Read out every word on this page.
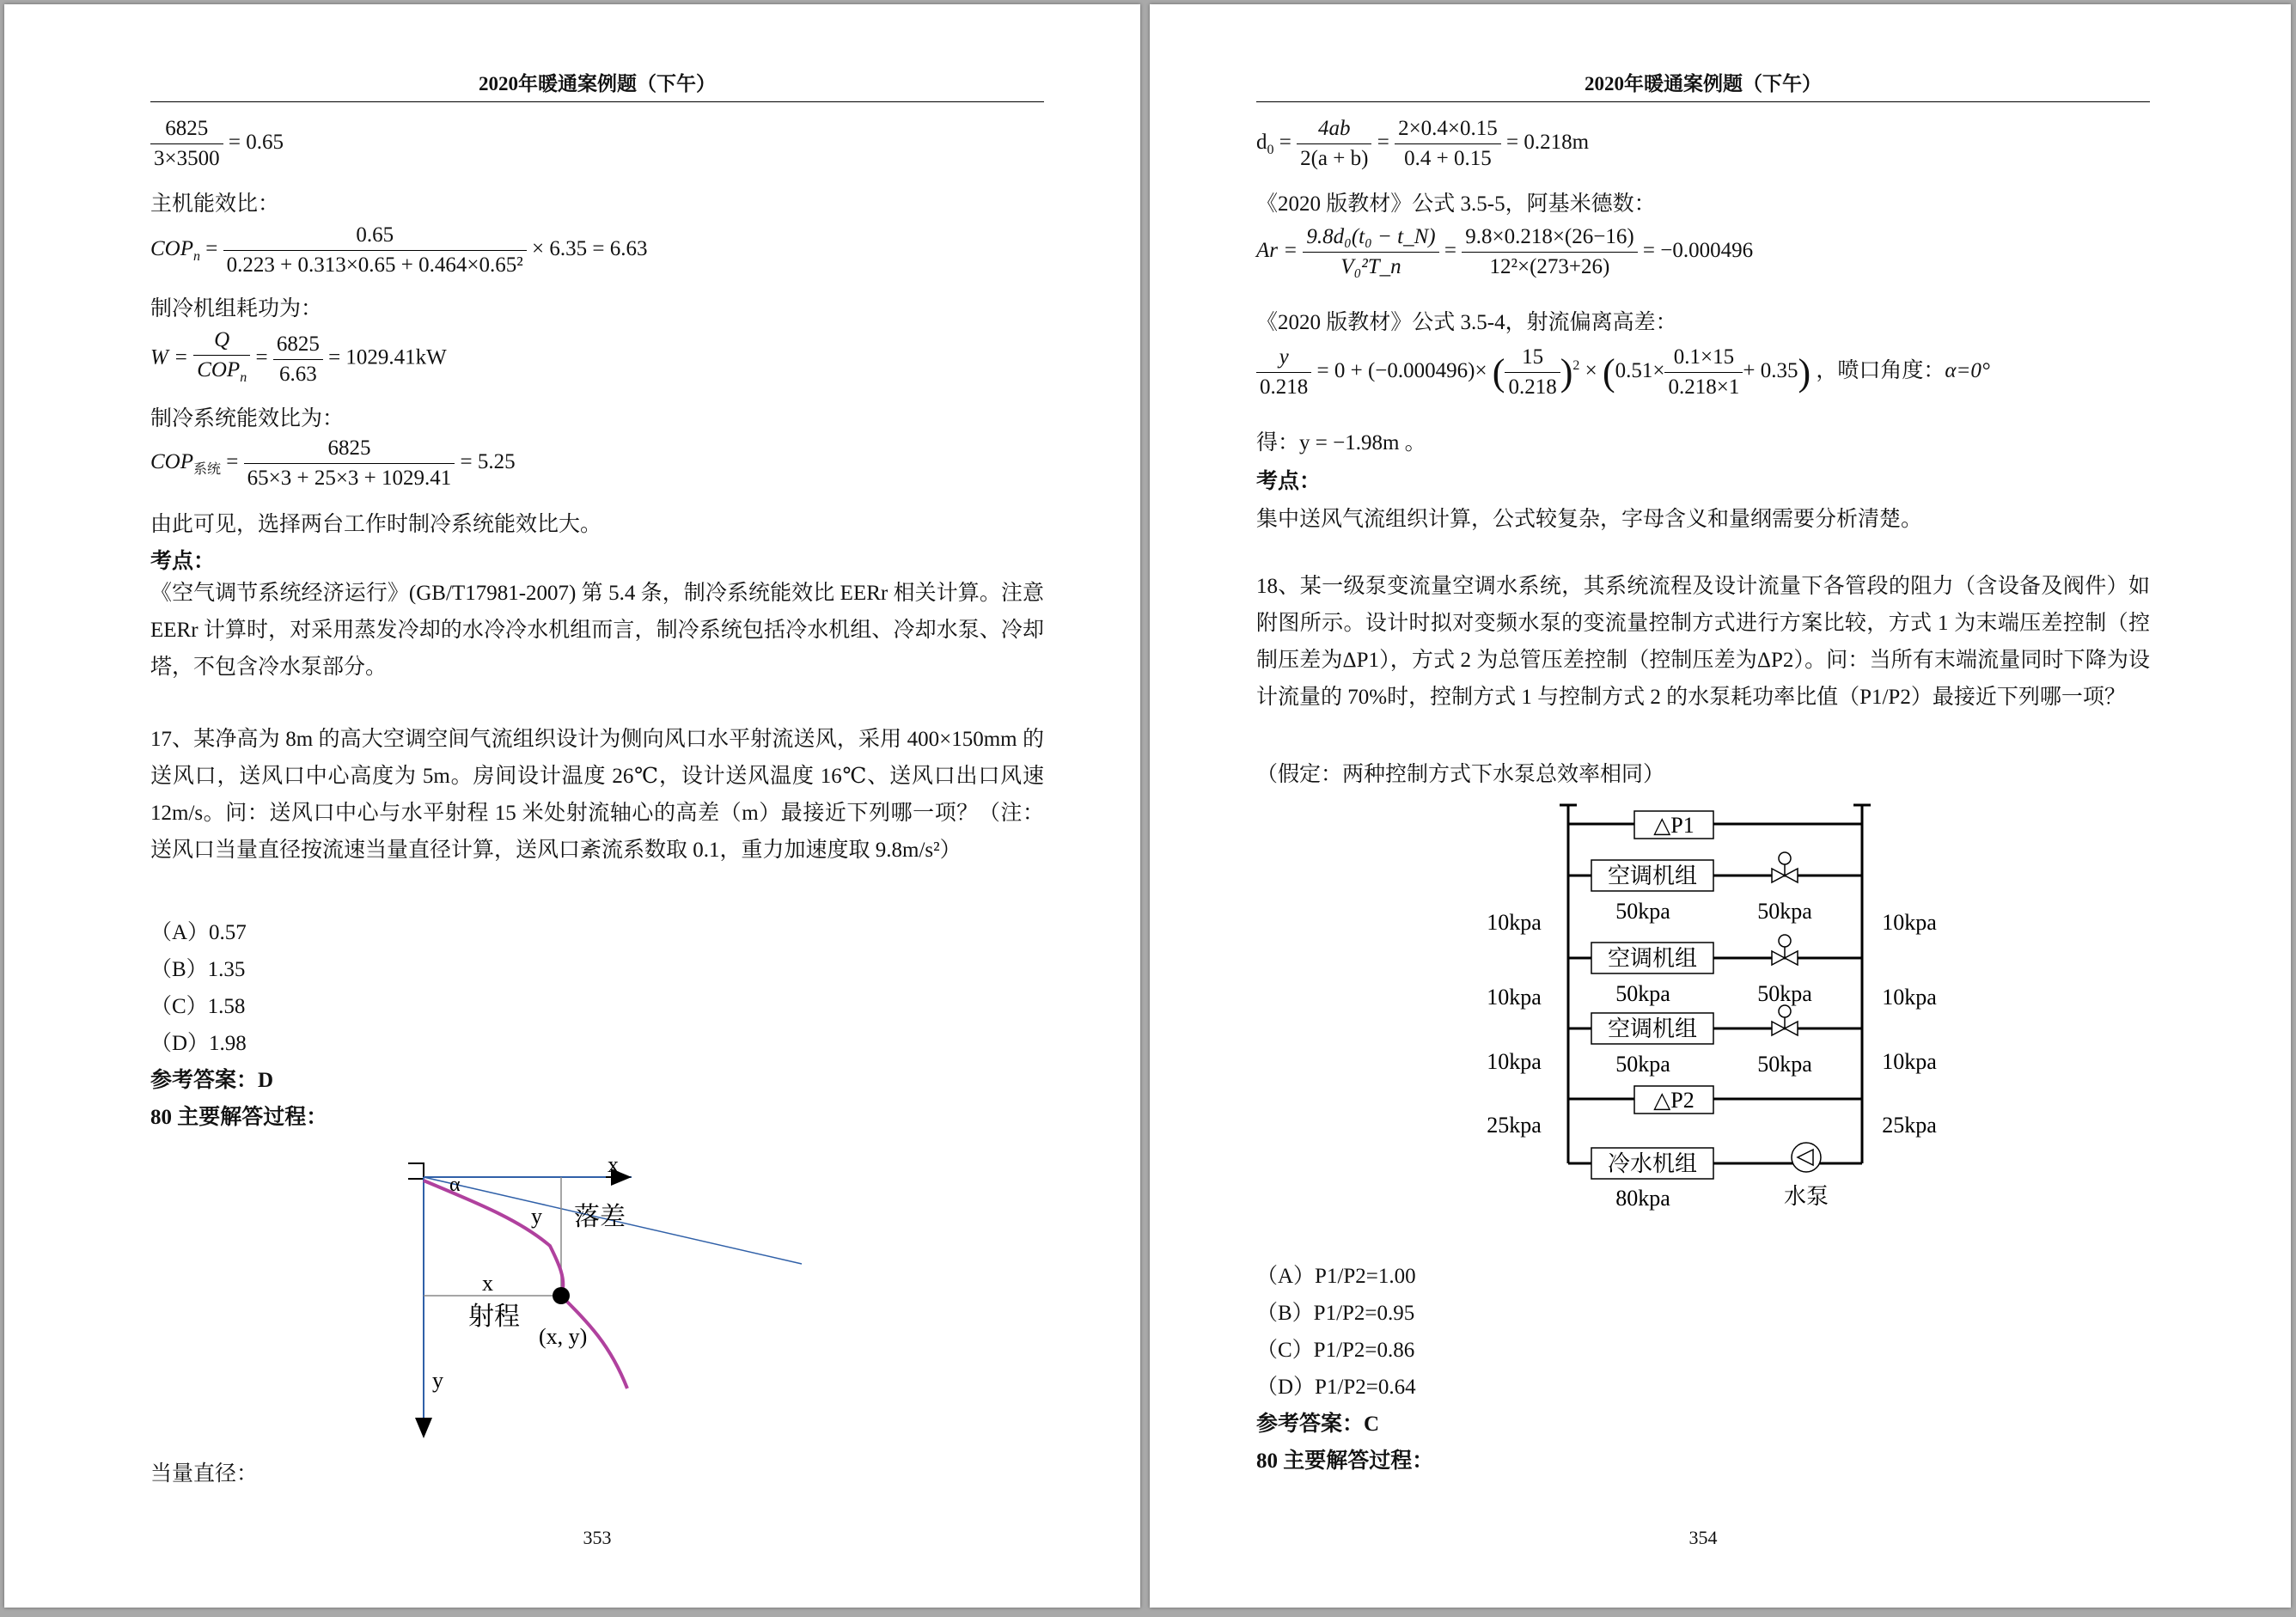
2020年暖通案例题（下午）
$\frac{6825}{3\times 3500} = 0.65$
主机能效比：
$COP_n = \frac{0.65}{\text{0.223 + 0.313×0.65 + 0.464×0.65²}} \times 6.35 = 6.63$
制冷机组耗功为：
$W = \frac{Q}{COP_n} = \frac{6825}{6.63} = 1029.41kW$
制冷系统能效比为：
$COP_{系统} = \frac{6825}{65\times 3 + 25\times 3 + 1029.41} = 5.25$
由此可见，选择两台工作时制冷系统能效比大。
考点：
《空气调节系统经济运行》(GB/T17981-2007) 第 5.4 条，制冷系统能效比 EERr 相关计算。注意 EERr 计算时，对采用蒸发冷却的水冷冷水机组而言，制冷系统包括冷水机组、冷却水泵、冷却塔，不包含冷水泵部分。
17、某净高为 8m 的高大空调空间气流组织设计为侧向风口水平射流送风，采用 400×150mm 的送风口，送风口中心高度为 5m。房间设计温度 26℃，设计送风温度 16℃、送风口出口风速 12m/s。问：送风口中心与水平射程 15 米处射流轴心的高差（m）最接近下列哪一项？（注：送风口当量直径按流速当量直径计算，送风口紊流系数取 0.1，重力加速度取 9.8m/s²）
（A）0.57
（B）1.35
（C）1.58
（D）1.98
参考答案：D
80 主要解答过程：
x
α
y 落差
x
射程
(x, y)
y
当量直径：
353
2020年暖通案例题（下午）
$d_0 = \frac{4ab}{2(a + b)} = \frac{2\times 0.4\times 0.15}{0.4 + 0.15} = 0.218m$
《2020 版教材》公式 3.5-5，阿基米德数：
$Ar = \frac{\text{9.8d₀(t₀ − t\_N)}}{\text{V₀²T\_n}} = \frac{9.8\times 0.218\times(26-16)}{\text{12²×(273+26)}} = -0.000496$
《2020 版教材》公式 3.5-4，射流偏离高差：
$\frac{y}{0.218} = 0 + (-0.000496)\times$ ( $\frac{15}{0.218} )^2 \times (0.51\times \frac{0.1\times 15}{0.218\times 1} + 0.35)$ ，喷口角度：α=0°
得：y = −1.98m 。
考点：
集中送风气流组织计算，公式较复杂，字母含义和量纲需要分析清楚。
18、某一级泵变流量空调水系统，其系统流程及设计流量下各管段的阻力（含设备及阀件）如附图所示。设计时拟对变频水泵的变流量控制方式进行方案比较，方式 1 为末端压差控制（控制压差为ΔP1），方式 2 为总管压差控制（控制压差为ΔP2）。问：当所有末端流量同时下降为设计流量的 70%时，控制方式 1 与控制方式 2 的水泵耗功率比值（P1/P2）最接近下列哪一项？
（假定：两种控制方式下水泵总效率相同）
△P1
△P2
空调机组
空调机组
空调机组
冷水机组
水泵
50kpa	50kpa
50kpa	50kpa
50kpa	50kpa
80kpa
10kpa
10kpa
10kpa
25kpa
10kpa
10kpa
10kpa
25kpa
（A）P1/P2=1.00
（B）P1/P2=0.95
（C）P1/P2=0.86
（D）P1/P2=0.64
参考答案：C
80 主要解答过程：
354
